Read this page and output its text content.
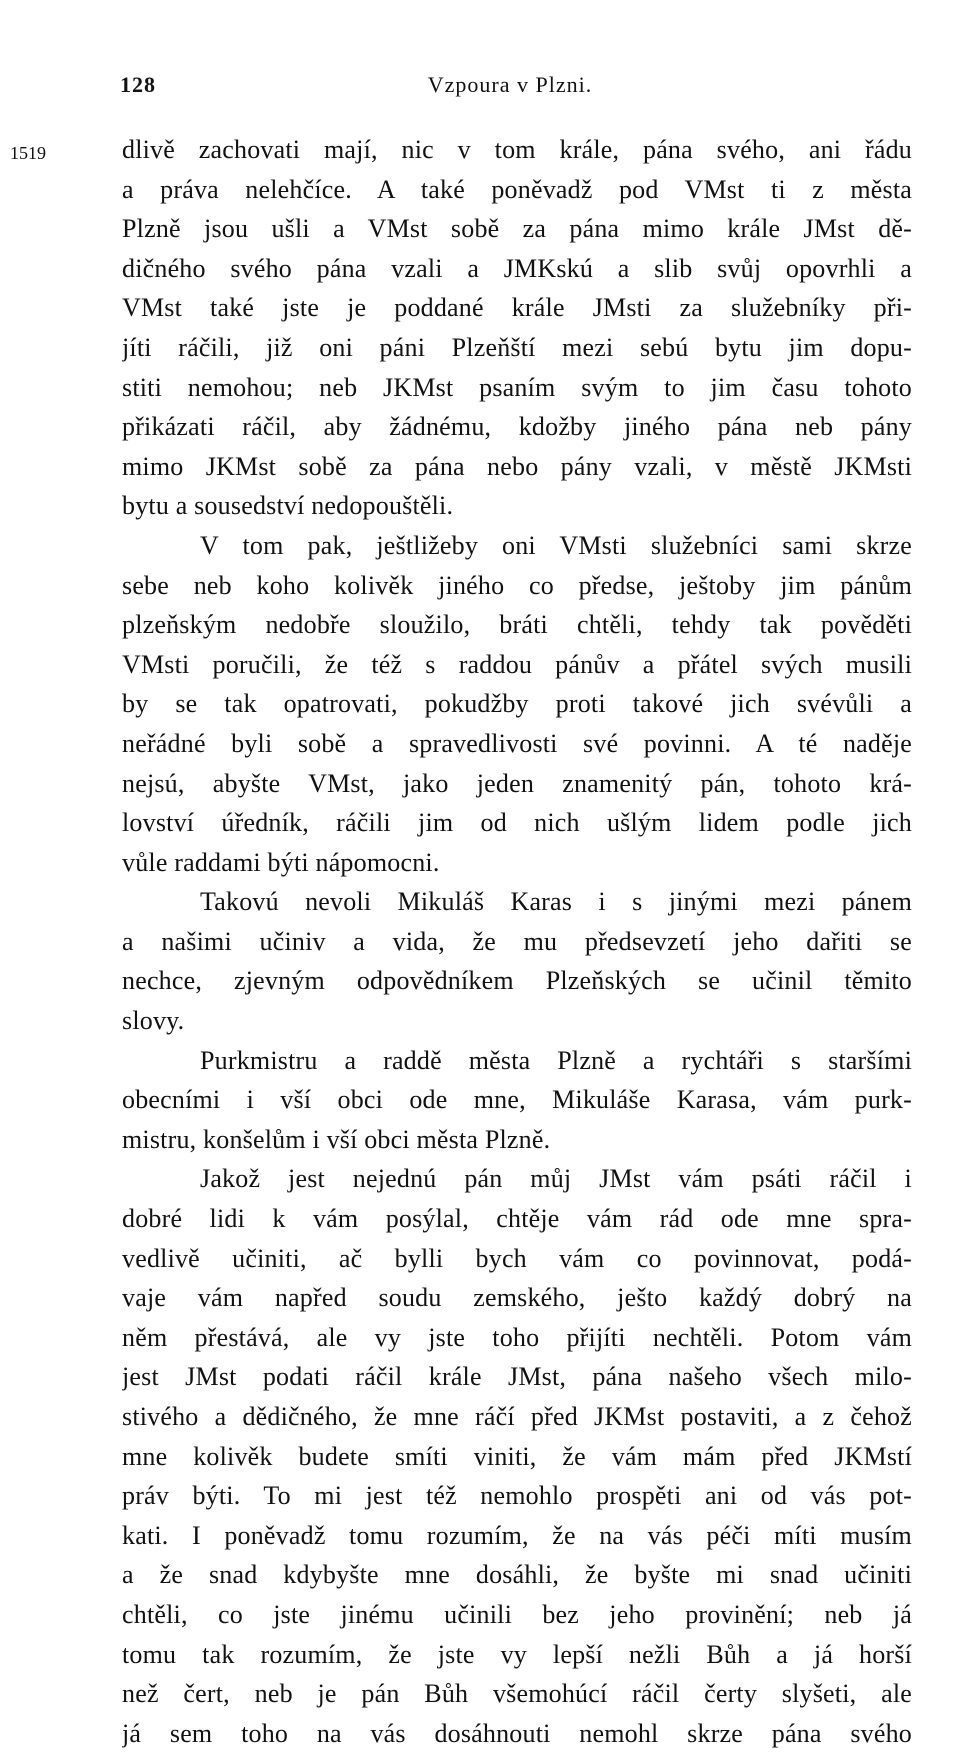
128	Vzpoura v Plzni.
1519	dlivě zachovati mají, nic v tom krále, pána svého, ani řádu
a práva nelehčíce. A také poněvadž pod VMst ti z města
Plzně jsou ušli a VMst sobě za pána mimo krále JMst dě-
dičného svého pána vzali a JMKskú a slib svůj opovrhli a
VMst také jste je poddané krále JMsti za služebníky při-
jíti ráčili, již oni páni Plzeňští mezi sebú bytu jim dopu-
stiti nemohou; neb JKMst psaním svým to jim času tohoto
přikázati ráčil, aby žádnému, kdožby jiného pána neb pány
mimo JKMst sobě za pána nebo pány vzali, v městě JKMsti
bytu a sousedství nedopouštěli.
V tom pak, ještližeby oni VMsti služebníci sami skrze
sebe neb koho kolivěk jiného co předse, ještoby jim pánům
plzeňským nedobře sloužilo, bráti chtěli, tehdy tak pověděti
VMsti poručili, že též s raddou pánův a přátel svých musili
by se tak opatrovati, pokudžby proti takové jich svévůli a
neřádné byli sobě a spravedlivosti své povinni. A té naděje
nejsú, abyšte VMst, jako jeden znamenitý pán, tohoto krá-
lovství úředník, ráčili jim od nich ušlým lidem podle jich
vůle raddami býti nápomocni.
Takovú nevoli Mikuláš Karas i s jinými mezi pánem
a našimi učiniv a vida, že mu předsevzetí jeho dařiti se
nechce, zjevným odpovědníkem Plzeňských se učinil těmito
slovy.
Purkmistru a raddě města Plzně a rychtáři s staršími
obecními i vší obci ode mne, Mikuláše Karasa, vám purk-
mistru, konšelům i vší obci města Plzně.
Jakož jest nejednú pán můj JMst vám psáti ráčil i
dobré lidi k vám posýlal, chtěje vám rád ode mne spra-
vedlivě učiniti, ač bylli bych vám co povinnovat, podá-
vaje vám napřed soudu zemského, ješto každý dobrý na
něm přestává, ale vy jste toho přijíti nechtěli. Potom vám
jest JMst podati ráčil krále JMst, pána našeho všech milo-
stivého a dědičného, že mne ráčí před JKMst postaviti, a z čehož
mne kolivěk budete smíti viniti, že vám mám před JKMstí
práv býti. To mi jest též nemohlo prospěti ani od vás pot-
kati. I poněvadž tomu rozumím, že na vás péči míti musím
a že snad kdybyšte mne dosáhli, že byšte mi snad učiniti
chtěli, co jste jinému učinili bez jeho provinění; neb já
tomu tak rozumím, že jste vy lepší nežli Bůh a já horší
než čert, neb je pán Bůh všemohúcí ráčil čerty slyšeti, ale
já sem toho na vás dosáhnouti nemohl skrze pána svého
